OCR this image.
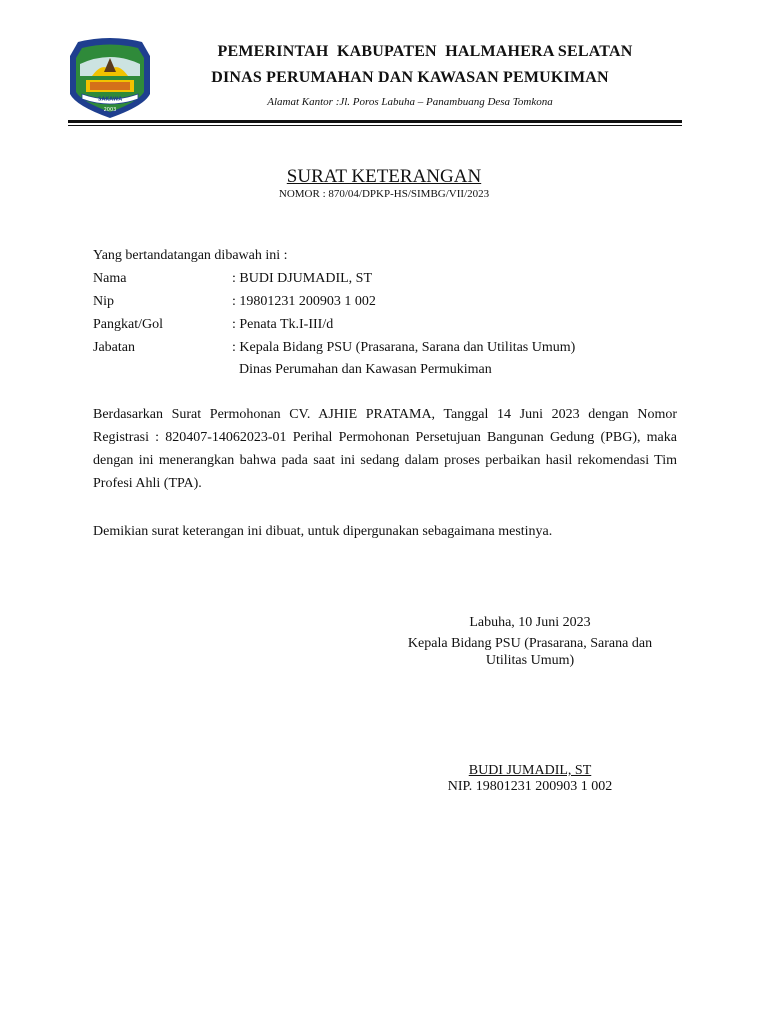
SAKAWA
2003
PEMERINTAH  KABUPATEN  HALMAHERA SELATAN
DINAS PERUMAHAN DAN KAWASAN PEMUKIMAN
Alamat Kantor :Jl. Poros Labuha – Panambuang Desa Tomkona
SURAT KETERANGAN
NOMOR : 870/04/DPKP-HS/SIMBG/VII/2023
Yang bertandatangan dibawah ini :
Nama	: BUDI DJUMADIL, ST
Nip	: 19801231 200903 1 002
Pangkat/Gol	: Penata Tk.I-III/d
Jabatan	: Kepala Bidang PSU (Prasarana, Sarana dan Utilitas Umum)
Dinas Perumahan dan Kawasan Permukiman
Berdasarkan Surat Permohonan CV. AJHIE PRATAMA, Tanggal 14 Juni 2023 dengan Nomor
Registrasi : 820407-14062023-01 Perihal Permohonan Persetujuan Bangunan Gedung (PBG), maka
dengan ini menerangkan bahwa pada saat ini sedang dalam proses perbaikan hasil rekomendasi Tim
Profesi Ahli (TPA).
Demikian surat keterangan ini dibuat, untuk dipergunakan sebagaimana mestinya.
Labuha, 10 Juni 2023
Kepala Bidang PSU (Prasarana, Sarana dan
Utilitas Umum)
BUDI JUMADIL, ST
NIP. 19801231 200903 1 002
